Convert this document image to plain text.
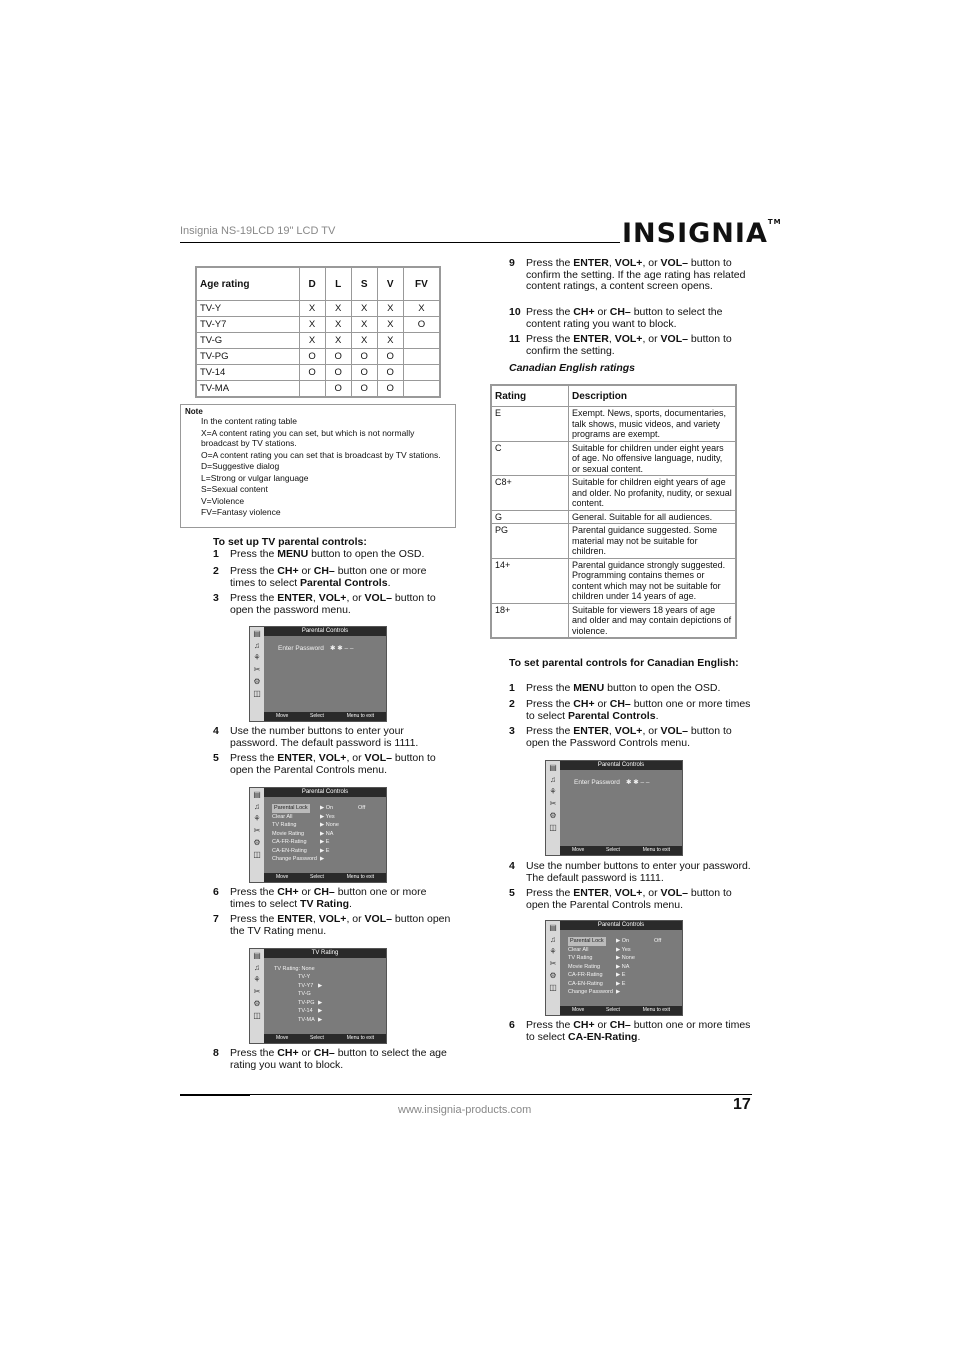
Insignia NS-19LCD 19" LCD TV	INSIGNIA™
Age rating	D	L	S	V	FV
TV-Y	X	X	X	X	X
TV-Y7	X	X	X	X	O
TV-G	X	X	X	X	
TV-PG	O	O	O	O	
TV-14	O	O	O	O	
TV-MA		O	O	O	
Note
In the content rating table
X=A content rating you can set, but which is not normally broadcast by TV stations.
O=A content rating you can set that is broadcast by TV stations.
D=Suggestive dialog
L=Strong or vulgar language
S=Sexual content
V=Violence
FV=Fantasy violence
To set up TV parental controls:
1 Press the MENU button to open the OSD.
2 Press the CH+ or CH– button one or more times to select Parental Controls.
3 Press the ENTER, VOL+, or VOL– button to open the password menu.
4 Use the number buttons to enter your password. The default password is 1111.
5 Press the ENTER, VOL+, or VOL– button to open the Parental Controls menu.
6 Press the CH+ or CH– button one or more times to select TV Rating.
7 Press the ENTER, VOL+, or VOL– button open the TV Rating menu.
8 Press the CH+ or CH– button to select the age rating you want to block.
9 Press the ENTER, VOL+, or VOL– button to confirm the setting. If the age rating has related content ratings, a content screen opens.
10 Press the CH+ or CH– button to select the content rating you want to block.
11 Press the ENTER, VOL+, or VOL– button to confirm the setting.
Canadian English ratings
Rating	Description
E	Exempt. News, sports, documentaries, talk shows, music videos, and variety programs are exempt.
C	Suitable for children under eight years of age. No offensive language, nudity, or sexual content.
C8+	Suitable for children eight years of age and older. No profanity, nudity, or sexual content.
G	General. Suitable for all audiences.
PG	Parental guidance suggested. Some material may not be suitable for children.
14+	Parental guidance strongly suggested. Programming contains themes or content which may not be suitable for children under 14 years of age.
18+	Suitable for viewers 18 years of age and older and may contain depictions of violence.
To set parental controls for Canadian English:
1 Press the MENU button to open the OSD.
2 Press the CH+ or CH– button one or more times to select Parental Controls.
3 Press the ENTER, VOL+, or VOL– button to open the Password Controls menu.
4 Use the number buttons to enter your password. The default password is 1111.
5 Press the ENTER, VOL+, or VOL– button to open the Parental Controls menu.
6 Press the CH+ or CH– button one or more times to select CA-EN-Rating.
▤
♫
⚘
✂
⚙
◫
Parental Controls
Move	Select	Menu to exit
Enter Password ✱ ✱ – –
▤
♫
⚘
✂
⚙
◫
Parental Controls
Move	Select	Menu to exit
Parental Lock	▶ On
Clear All	▶ Yes
TV Rating	▶ None
Movie Rating	▶ NA
CA-FR-Rating ▶ E
CA-EN-Rating ▶ E
Change Password ▶
Off
▤
♫
⚘
✂
⚙
◫
TV Rating
Move	Select	Menu to exit
TV Rating: None
TV-Y
TV-Y7 ▶
TV-G
TV-PG ▶
TV-14 ▶
TV-MA ▶
▤
♫
⚘
✂
⚙
◫
Parental Controls
Move	Select	Menu to exit
Enter Password ✱ ✱ – –
▤
♫
⚘
✂
⚙
◫
Parental Controls
Move	Select	Menu to exit
Parental Lock	▶ On
Clear All	▶ Yes
TV Rating	▶ None
Movie Rating	▶ NA
CA-FR-Rating ▶ E
CA-EN-Rating ▶ E
Change Password ▶
Off
www.insignia-products.com	17
